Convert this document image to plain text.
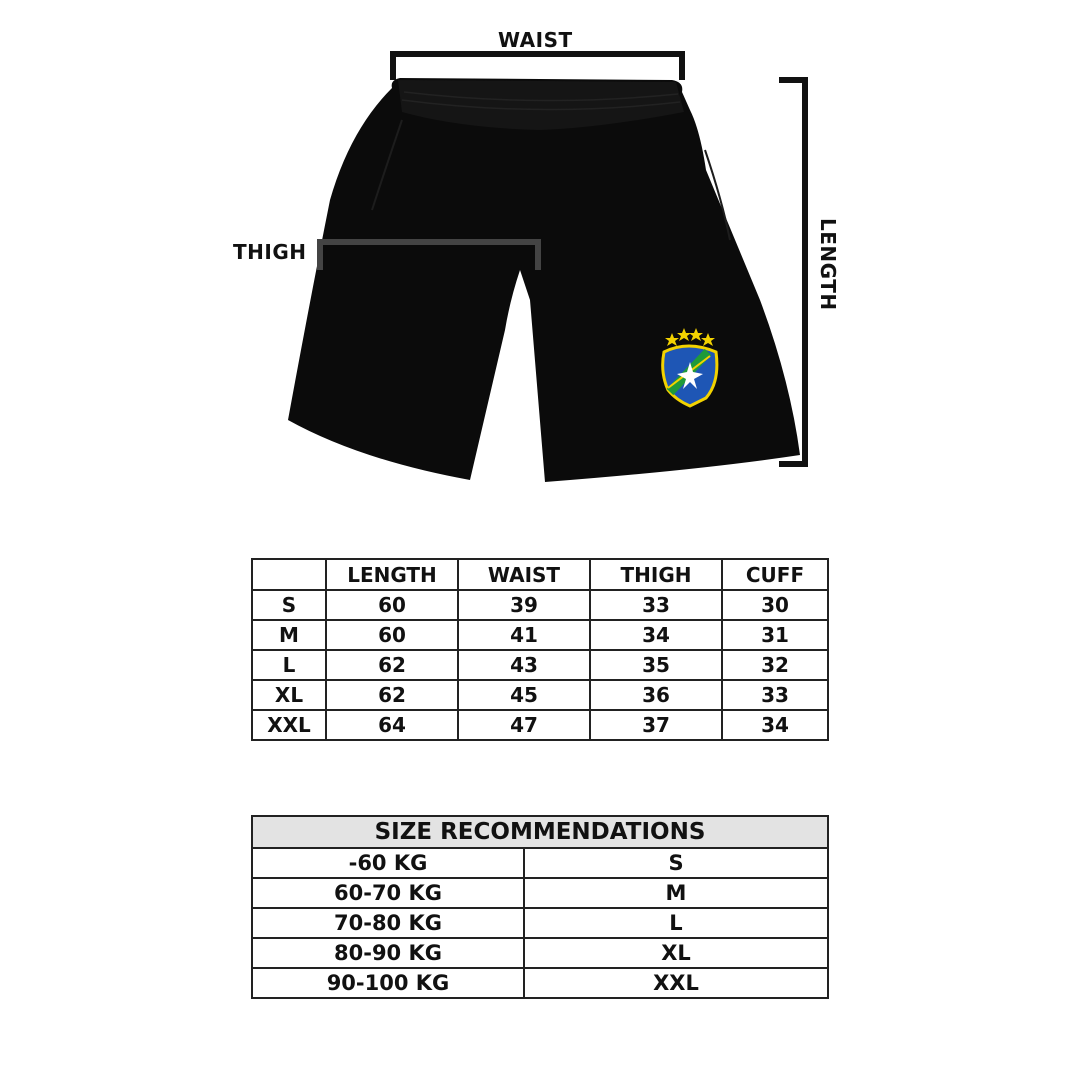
WAIST
THIGH	LENGTH
	LENGTH	WAIST	THIGH	CUFF
S	60	39	33	30
M	60	41	34	31
L	62	43	35	32
XL	62	45	36	33
XXL	64	47	37	34
SIZE RECOMMENDATIONS	
-60 KG	S
60-70 KG	M
70-80 KG	L
80-90 KG	XL
90-100 KG	XXL
